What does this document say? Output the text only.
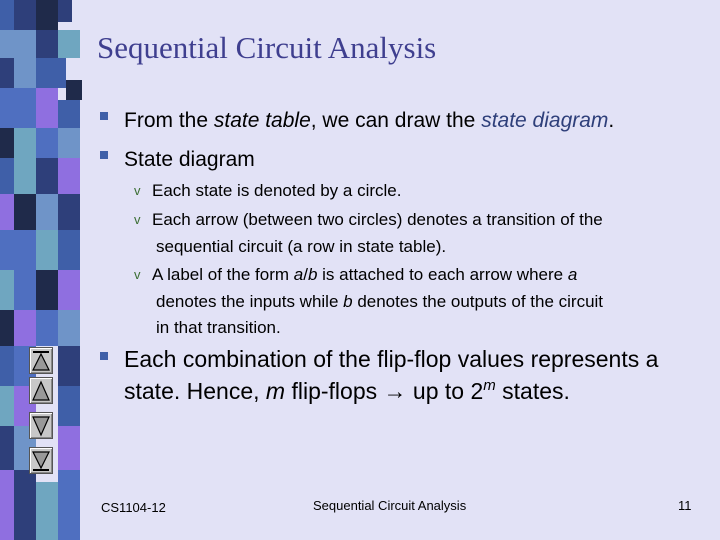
Sequential Circuit Analysis
From the state table, we can draw the state diagram.
State diagram
v Each state is denoted by a circle.
v Each arrow (between two circles) denotes a transition of the
sequential circuit (a row in state table).
v A label of the form a/b is attached to each arrow where a
denotes the inputs while b denotes the outputs of the circuit
in that transition.
Each combination of the flip-flop values represents a
state. Hence, m flip-flops → up to 2$^m$ states.
CS1104-12	Sequential Circuit Analysis	11
